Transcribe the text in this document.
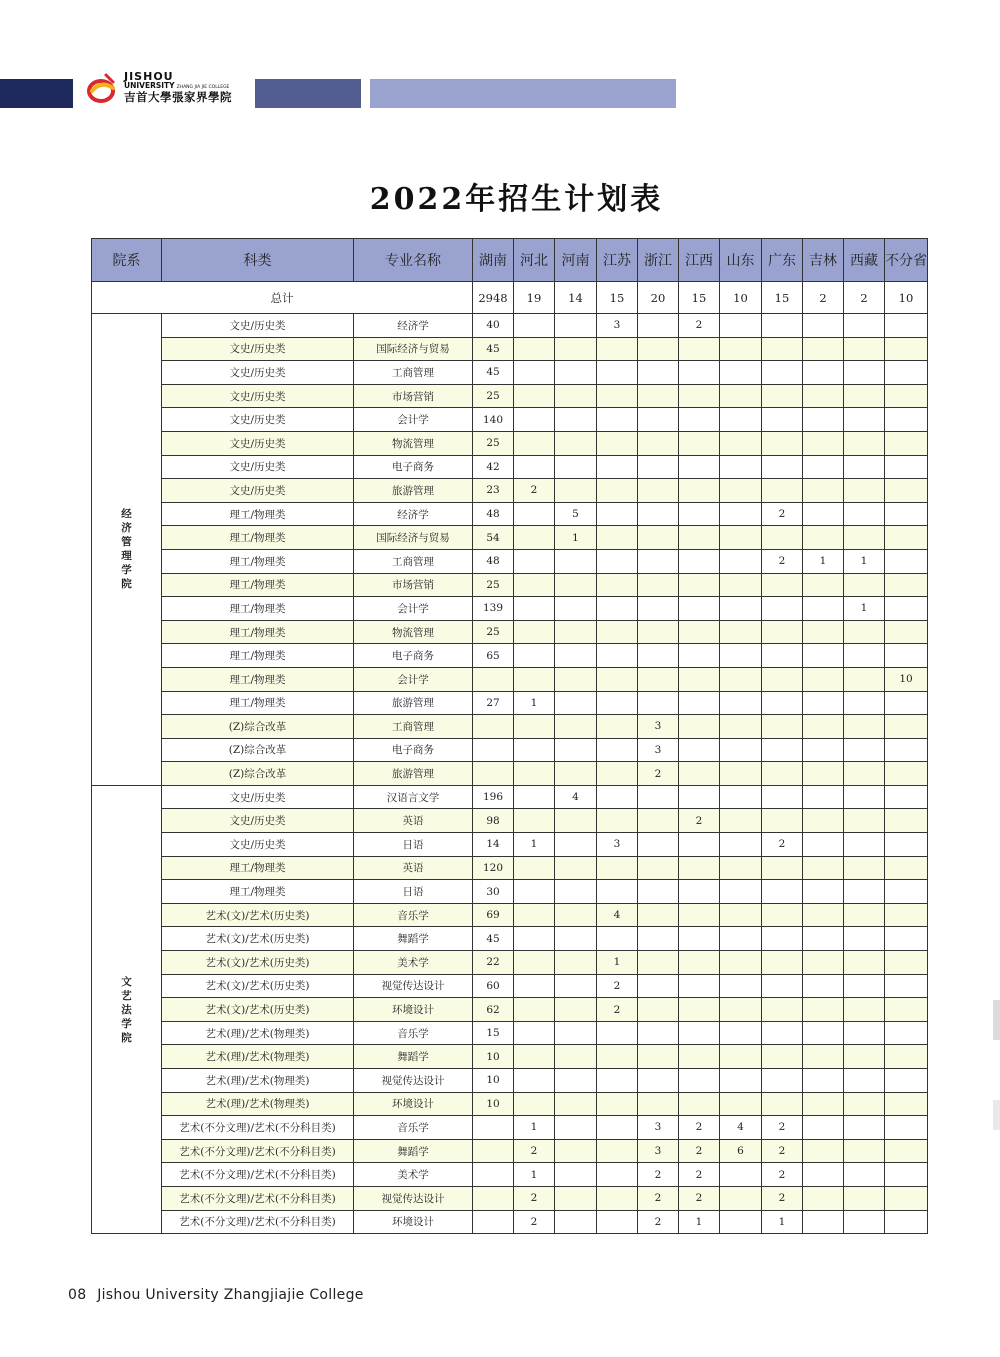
JISHOU
UNIVERSITY ZHANG JIA JIE COLLEGE
吉首大學張家界學院
2022年招生计划表
院系	科类	专业名称	湖南	河北	河南	江苏	浙江	江西	山东	广东	吉林	西藏	不分省
总计			2948	19	14	15	20	15	10	15	2	2	10
经济管理学院	文史/历史类	经济学	40			3		2					
	文史/历史类	国际经济与贸易	45										
	文史/历史类	工商管理	45										
	文史/历史类	市场营销	25										
	文史/历史类	会计学	140										
	文史/历史类	物流管理	25										
	文史/历史类	电子商务	42										
	文史/历史类	旅游管理	23	2									
	理工/物理类	经济学	48		5					2			
	理工/物理类	国际经济与贸易	54		1								
	理工/物理类	工商管理	48							2	1	1	
	理工/物理类	市场营销	25										
	理工/物理类	会计学	139									1	
	理工/物理类	物流管理	25										
	理工/物理类	电子商务	65										
	理工/物理类	会计学											10
	理工/物理类	旅游管理	27	1									
	(Z)综合改革	工商管理					3						
	(Z)综合改革	电子商务					3						
	(Z)综合改革	旅游管理					2						
文艺法学院	文史/历史类	汉语言文学	196		4								
	文史/历史类	英语	98					2					
	文史/历史类	日语	14	1		3				2			
	理工/物理类	英语	120										
	理工/物理类	日语	30										
	艺术(文)/艺术(历史类)	音乐学	69			4							
	艺术(文)/艺术(历史类)	舞蹈学	45										
	艺术(文)/艺术(历史类)	美术学	22			1							
	艺术(文)/艺术(历史类)	视觉传达设计	60			2							
	艺术(文)/艺术(历史类)	环境设计	62			2							
	艺术(理)/艺术(物理类)	音乐学	15										
	艺术(理)/艺术(物理类)	舞蹈学	10										
	艺术(理)/艺术(物理类)	视觉传达设计	10										
	艺术(理)/艺术(物理类)	环境设计	10										
	艺术(不分文理)/艺术(不分科目类)	音乐学		1			3	2	4	2			
	艺术(不分文理)/艺术(不分科目类)	舞蹈学		2			3	2	6	2			
	艺术(不分文理)/艺术(不分科目类)	美术学		1			2	2		2			
	艺术(不分文理)/艺术(不分科目类)	视觉传达设计		2			2	2		2			
	艺术(不分文理)/艺术(不分科目类)	环境设计		2			2	1		1			
08 Jishou University Zhangjiajie College
